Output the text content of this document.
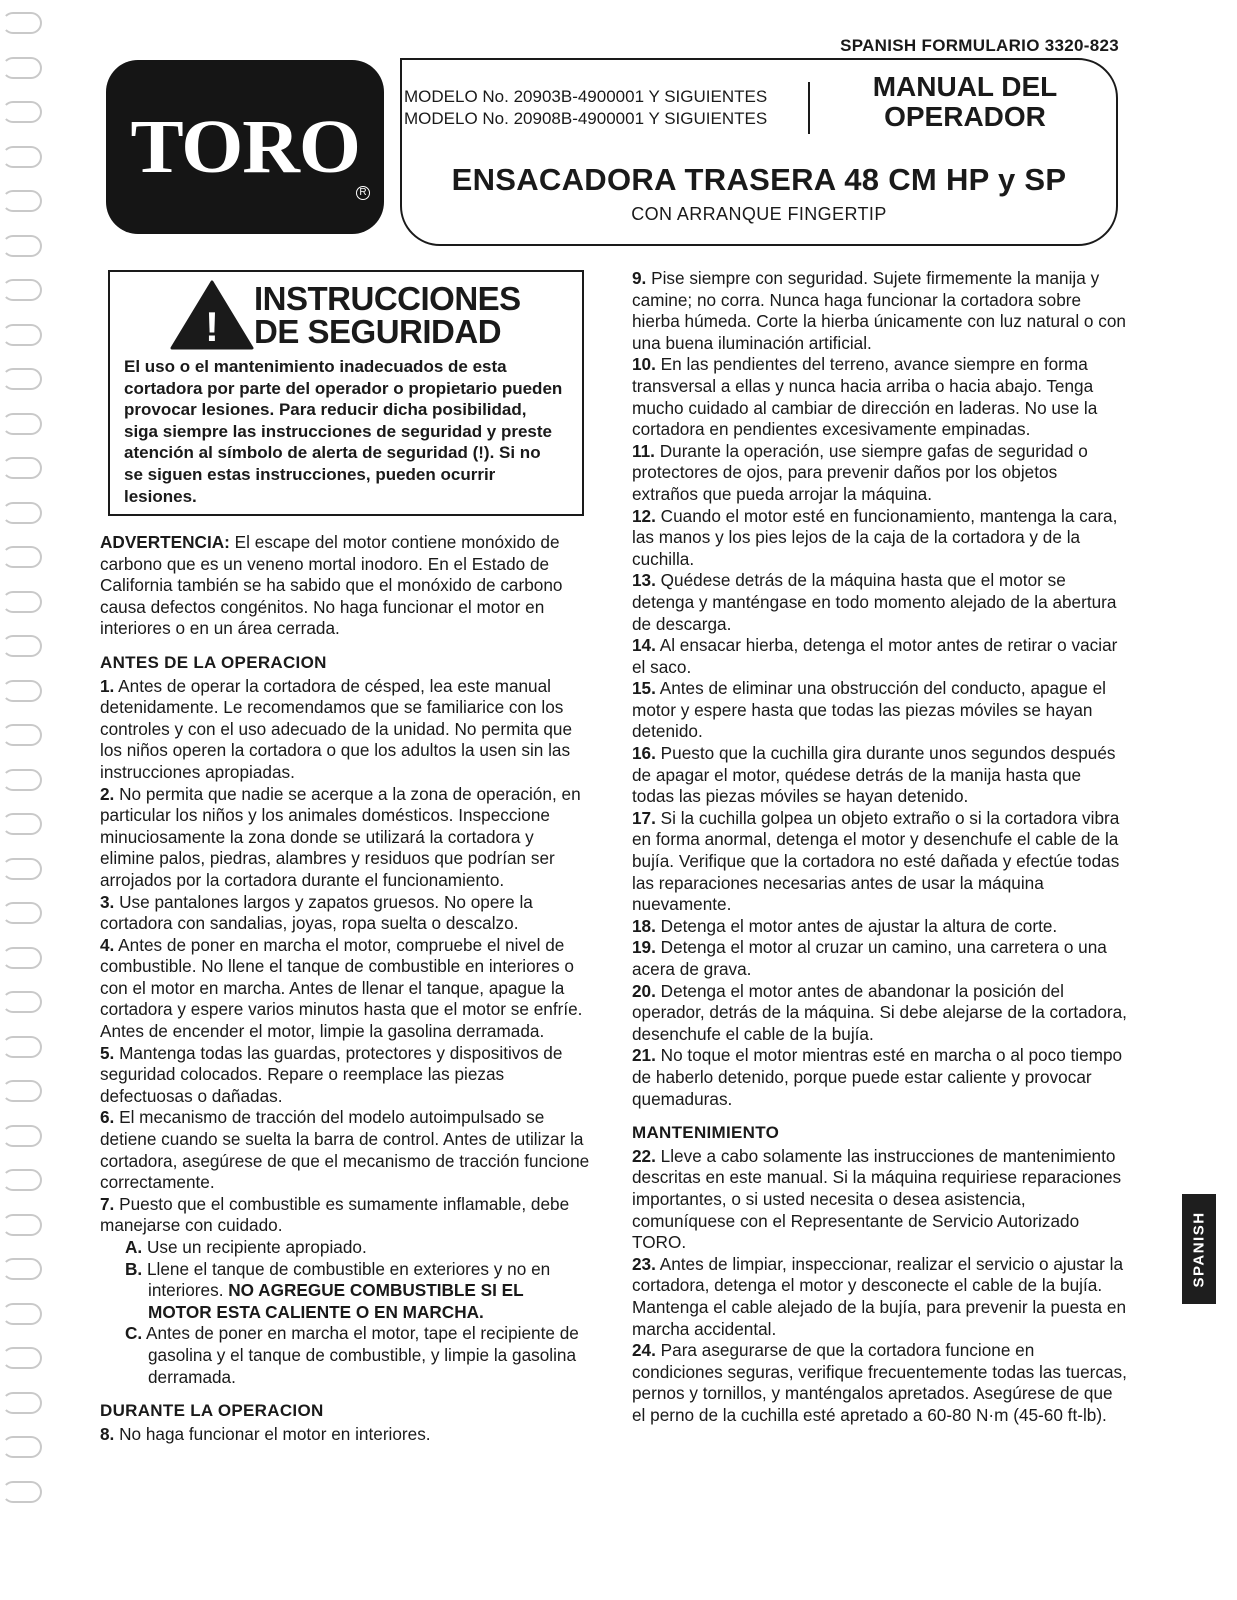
SPANISH FORMULARIO 3320-823
TORO
R
MODELO No. 20903B-4900001 Y SIGUIENTES
MODELO No. 20908B-4900001 Y SIGUIENTES
MANUAL DEL
OPERADOR
ENSACADORA TRASERA 48 CM HP y SP
CON ARRANQUE FINGERTIP
!
INSTRUCCIONES
DE SEGURIDAD
El uso o el mantenimiento inadecuados de esta cortadora por parte del operador o propietario pueden provocar lesiones. Para reducir dicha posibilidad, siga siempre las instrucciones de seguridad y preste atención al símbolo de alerta de seguridad (!). Si no se siguen estas instrucciones, pueden ocurrir lesiones.

ADVERTENCIA: El escape del motor contiene monóxido de carbono que es un veneno mortal inodoro. En el Estado de California también se ha sabido que el monóxido de carbono causa defectos congénitos. No haga funcionar el motor en interiores o en un área cerrada.

ANTES DE LA OPERACION

1. Antes de operar la cortadora de césped, lea este manual detenidamente. Le recomendamos que se familiarice con los controles y con el uso adecuado de la unidad. No permita que los niños operen la cortadora o que los adultos la usen sin las instrucciones apropiadas.

2. No permita que nadie se acerque a la zona de operación, en particular los niños y los animales domésticos. Inspeccione minuciosamente la zona donde se utilizará la cortadora y elimine palos, piedras, alambres y residuos que podrían ser arrojados por la cortadora durante el funcionamiento.

3. Use pantalones largos y zapatos gruesos. No opere la cortadora con sandalias, joyas, ropa suelta o descalzo.

4. Antes de poner en marcha el motor, compruebe el nivel de combustible. No llene el tanque de combustible en interiores o con el motor en marcha. Antes de llenar el tanque, apague la cortadora y espere varios minutos hasta que el motor se enfríe. Antes de encender el motor, limpie la gasolina derramada.

5. Mantenga todas las guardas, protectores y dispositivos de seguridad colocados. Repare o reemplace las piezas defectuosas o dañadas.

6. El mecanismo de tracción del modelo autoimpulsado se detiene cuando se suelta la barra de control. Antes de utilizar la cortadora, asegúrese de que el mecanismo de tracción funcione correctamente.

7. Puesto que el combustible es sumamente inflamable, debe manejarse con cuidado.

A. Use un recipiente apropiado.

B. Llene el tanque de combustible en exteriores y no en interiores. NO AGREGUE COMBUSTIBLE SI EL MOTOR ESTA CALIENTE O EN MARCHA.

C. Antes de poner en marcha el motor, tape el recipiente de gasolina y el tanque de combustible, y limpie la gasolina derramada.

DURANTE LA OPERACION

8. No haga funcionar el motor en interiores.

9. Pise siempre con seguridad. Sujete firmemente la manija y camine; no corra. Nunca haga funcionar la cortadora sobre hierba húmeda. Corte la hierba únicamente con luz natural o con una buena iluminación artificial.

10. En las pendientes del terreno, avance siempre en forma transversal a ellas y nunca hacia arriba o hacia abajo. Tenga mucho cuidado al cambiar de dirección en laderas. No use la cortadora en pendientes excesivamente empinadas.

11. Durante la operación, use siempre gafas de seguridad o protectores de ojos, para prevenir daños por los objetos extraños que pueda arrojar la máquina.

12. Cuando el motor esté en funcionamiento, mantenga la cara, las manos y los pies lejos de la caja de la cortadora y de la cuchilla.

13. Quédese detrás de la máquina hasta que el motor se detenga y manténgase en todo momento alejado de la abertura de descarga.

14. Al ensacar hierba, detenga el motor antes de retirar o vaciar el saco.

15. Antes de eliminar una obstrucción del conducto, apague el motor y espere hasta que todas las piezas móviles se hayan detenido.

16. Puesto que la cuchilla gira durante unos segundos después de apagar el motor, quédese detrás de la manija hasta que todas las piezas móviles se hayan detenido.

17. Si la cuchilla golpea un objeto extraño o si la cortadora vibra en forma anormal, detenga el motor y desenchufe el cable de la bujía. Verifique que la cortadora no esté dañada y efectúe todas las reparaciones necesarias antes de usar la máquina nuevamente.

18. Detenga el motor antes de ajustar la altura de corte.

19. Detenga el motor al cruzar un camino, una carretera o una acera de grava.

20. Detenga el motor antes de abandonar la posición del operador, detrás de la máquina. Si debe alejarse de la cortadora, desenchufe el cable de la bujía.

21. No toque el motor mientras esté en marcha o al poco tiempo de haberlo detenido, porque puede estar caliente y provocar quemaduras.

MANTENIMIENTO

22. Lleve a cabo solamente las instrucciones de mantenimiento descritas en este manual. Si la máquina requiriese reparaciones importantes, o si usted necesita o desea asistencia, comuníquese con el Representante de Servicio Autorizado TORO.

23. Antes de limpiar, inspeccionar, realizar el servicio o ajustar la cortadora, detenga el motor y desconecte el cable de la bujía. Mantenga el cable alejado de la bujía, para prevenir la puesta en marcha accidental.

24. Para asegurarse de que la cortadora funcione en condiciones seguras, verifique frecuentemente todas las tuercas, pernos y tornillos, y manténgalos apretados. Asegúrese de que el perno de la cuchilla esté apretado a 60-80 N·m (45-60 ft-lb).

SPANISH
